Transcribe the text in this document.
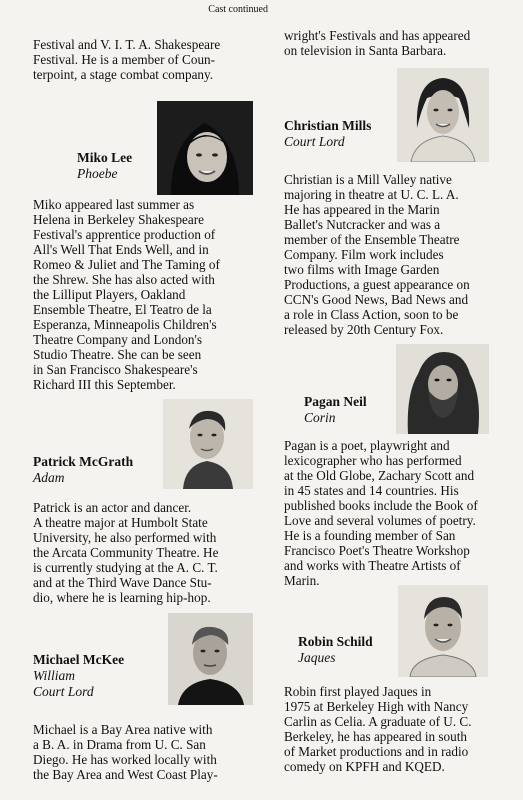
Cast continued
Festival and V. I. T. A. Shakespeare
Festival. He is a member of Coun-
terpoint, a stage combat company.
Miko Lee
Phoebe
Miko appeared last summer as
Helena in Berkeley Shakespeare
Festival's apprentice production of
All's Well That Ends Well, and in
Romeo & Juliet and The Taming of
the Shrew. She has also acted with
the Lilliput Players, Oakland
Ensemble Theatre, El Teatro de la
Esperanza, Minneapolis Children's
Theatre Company and London's
Studio Theatre. She can be seen
in San Francisco Shakespeare's
Richard III this September.
Patrick McGrath
Adam
Patrick is an actor and dancer.
A theatre major at Humbolt State
University, he also performed with
the Arcata Community Theatre. He
is currently studying at the A. C. T.
and at the Third Wave Dance Stu-
dio, where he is learning hip-hop.
Michael McKee
William
Court Lord
Michael is a Bay Area native with
a B. A. in Drama from U. C. San
Diego. He has worked locally with
the Bay Area and West Coast Play-
wright's Festivals and has appeared
on television in Santa Barbara.
Christian Mills
Court Lord
Christian is a Mill Valley native
majoring in theatre at U. C. L. A.
He has appeared in the Marin
Ballet's Nutcracker and was a
member of the Ensemble Theatre
Company. Film work includes
two films with Image Garden
Productions, a guest appearance on
CCN's Good News, Bad News and
a role in Class Action, soon to be
released by 20th Century Fox.
Pagan Neil
Corin
Pagan is a poet, playwright and
lexicographer who has performed
at the Old Globe, Zachary Scott and
in 45 states and 14 countries. His
published books include the Book of
Love and several volumes of poetry.
He is a founding member of San
Francisco Poet's Theatre Workshop
and works with Theatre Artists of
Marin.
Robin Schild
Jaques
Robin first played Jaques in
1975 at Berkeley High with Nancy
Carlin as Celia. A graduate of U. C.
Berkeley, he has appeared in south
of Market productions and in radio
comedy on KPFH and KQED.
